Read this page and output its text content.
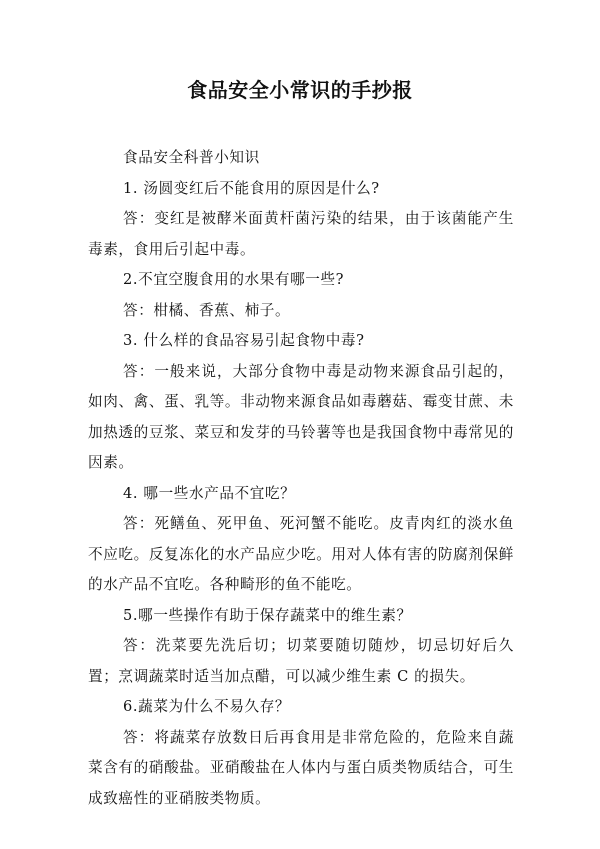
食品安全小常识的手抄报

食品安全科普小知识

1. 汤圆变红后不能食用的原因是什么?

答：变红是被酵米面黄杆菌污染的结果，由于该菌能产生毒素，食用后引起中毒。

2.不宜空腹食用的水果有哪一些?

答：柑橘、香蕉、柿子。

3. 什么样的食品容易引起食物中毒?

答：一般来说，大部分食物中毒是动物来源食品引起的，如肉、禽、蛋、乳等。非动物来源食品如毒蘑菇、霉变甘蔗、未加热透的豆浆、菜豆和发芽的马铃薯等也是我国食物中毒常见的因素。

4. 哪一些水产品不宜吃？

答：死鳝鱼、死甲鱼、死河蟹不能吃。皮青肉红的淡水鱼不应吃。反复冻化的水产品应少吃。用对人体有害的防腐剂保鲜的水产品不宜吃。各种畸形的鱼不能吃。

5.哪一些操作有助于保存蔬菜中的维生素？

答：洗菜要先洗后切；切菜要随切随炒，切忌切好后久置；烹调蔬菜时适当加点醋，可以减少维生素 C 的损失。

6.蔬菜为什么不易久存？

答：将蔬菜存放数日后再食用是非常危险的，危险来自蔬菜含有的硝酸盐。亚硝酸盐在人体内与蛋白质类物质结合，可生成致癌性的亚硝胺类物质。
